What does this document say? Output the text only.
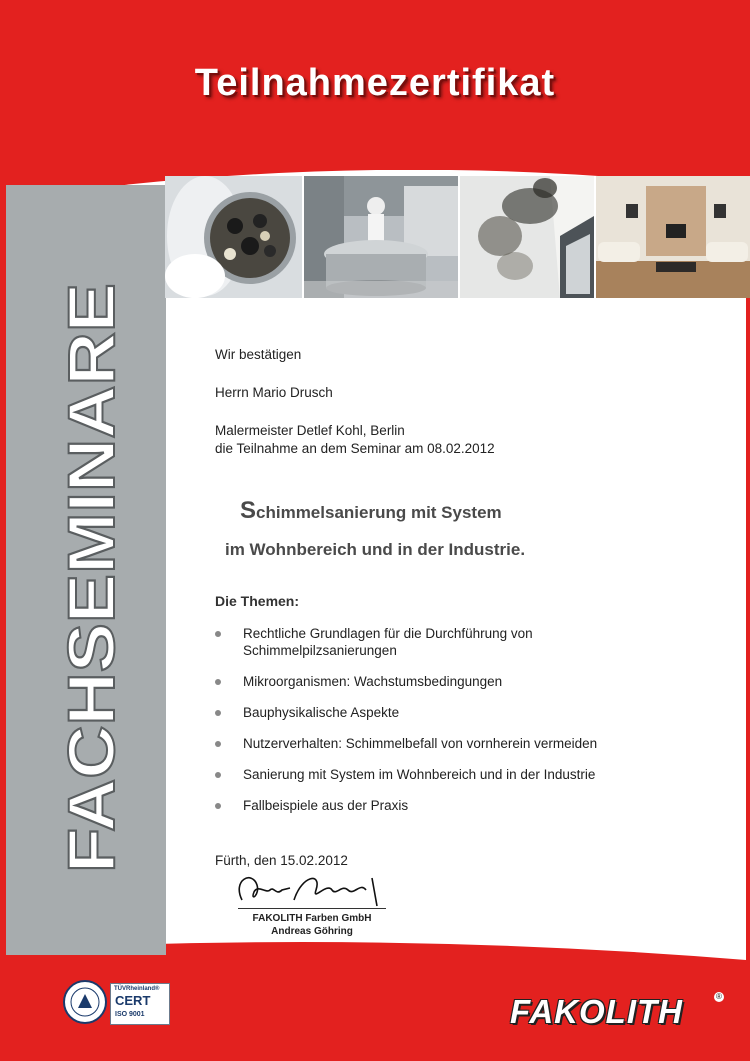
Teilnahmezertifikat
FACHSEMINARE	Wir bestätigen
Herrn Mario Drusch
Malermeister Detlef Kohl, Berlin
die Teilnahme an dem Seminar am 08.02.2012
Schimmelsanierung mit System
im Wohnbereich und in der Industrie.
Die Themen:
Rechtliche Grundlagen für die Durchführung von Schimmelpilzsanierungen
Mikroorganismen: Wachstumsbedingungen
Bauphysikalische Aspekte
Nutzerverhalten: Schimmelbefall von vornherein vermeiden
Sanierung mit System im Wohnbereich und in der Industrie
Fallbeispiele aus der Praxis
Fürth, den 15.02.2012
FAKOLITH Farben GmbH
Andreas Göhring
TÜVRheinland®
CERT
ISO 9001	FAKOLITH	®
